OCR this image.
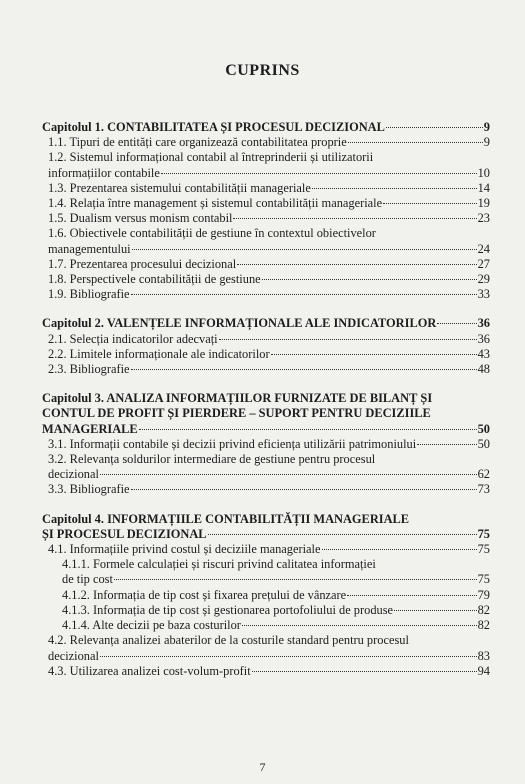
CUPRINS
Capitolul 1. CONTABILITATEA ȘI PROCESUL DECIZIONAL	9
1.1. Tipuri de entități care organizează contabilitatea proprie	9
1.2. Sistemul informațional contabil al întreprinderii și utilizatorii
informațiilor contabile	10
1.3. Prezentarea sistemului contabilității manageriale	14
1.4. Relația între management și sistemul contabilității manageriale	19
1.5. Dualism versus monism contabil	23
1.6. Obiectivele contabilității de gestiune în contextul obiectivelor
managementului	24
1.7. Prezentarea procesului decizional	27
1.8. Perspectivele contabilității de gestiune	29
1.9. Bibliografie	33
Capitolul 2. VALENȚELE INFORMAȚIONALE ALE INDICATORILOR	36
2.1. Selecția indicatorilor adecvați	36
2.2. Limitele informaționale ale indicatorilor	43
2.3. Bibliografie	48
Capitolul 3. ANALIZA INFORMAȚIILOR FURNIZATE DE BILANȚ ȘI
CONTUL DE PROFIT ȘI PIERDERE – SUPORT PENTRU DECIZIILE
MANAGERIALE	50
3.1. Informații contabile și decizii privind eficiența utilizării patrimoniului	50
3.2. Relevanța soldurilor intermediare de gestiune pentru procesul
decizional	62
3.3. Bibliografie	73
Capitolul 4. INFORMAȚIILE CONTABILITĂȚII MANAGERIALE
ȘI PROCESUL DECIZIONAL	75
4.1. Informațiile privind costul și deciziile manageriale	75
4.1.1. Formele calculației și riscuri privind calitatea informației
de tip cost	75
4.1.2. Informația de tip cost și fixarea prețului de vânzare	79
4.1.3. Informația de tip cost și gestionarea portofoliului de produse	82
4.1.4. Alte decizii pe baza costurilor	82
4.2. Relevanța analizei abaterilor de la costurile standard pentru procesul
decizional	83
4.3. Utilizarea analizei cost-volum-profit	94
7
